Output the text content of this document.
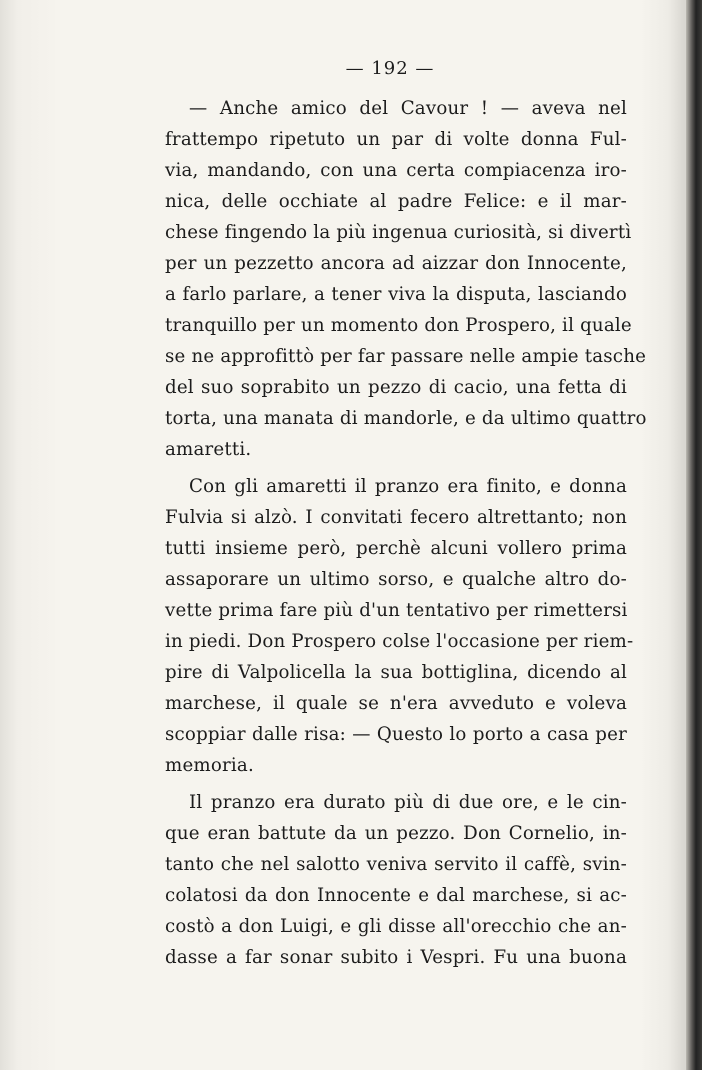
— 192 —
— Anche amico del Cavour ! — aveva nel
frattempo ripetuto un par di volte donna Ful-
via, mandando, con una certa compiacenza iro-
nica, delle occhiate al padre Felice: e il mar-
chese fingendo la più ingenua curiosità, si divertì
per un pezzetto ancora ad aizzar don Innocente,
a farlo parlare, a tener viva la disputa, lasciando
tranquillo per un momento don Prospero, il quale
se ne approfittò per far passare nelle ampie tasche
del suo soprabito un pezzo di cacio, una fetta di
torta, una manata di mandorle, e da ultimo quattro
amaretti.
Con gli amaretti il pranzo era finito, e donna
Fulvia si alzò. I convitati fecero altrettanto; non
tutti insieme però, perchè alcuni vollero prima
assaporare un ultimo sorso, e qualche altro do-
vette prima fare più d'un tentativo per rimettersi
in piedi. Don Prospero colse l'occasione per riem-
pire di Valpolicella la sua bottiglina, dicendo al
marchese, il quale se n'era avveduto e voleva
scoppiar dalle risa: — Questo lo porto a casa per
memoria.
Il pranzo era durato più di due ore, e le cin-
que eran battute da un pezzo. Don Cornelio, in-
tanto che nel salotto veniva servito il caffè, svin-
colatosi da don Innocente e dal marchese, si ac-
costò a don Luigi, e gli disse all'orecchio che an-
dasse a far sonar subito i Vespri. Fu una buona
